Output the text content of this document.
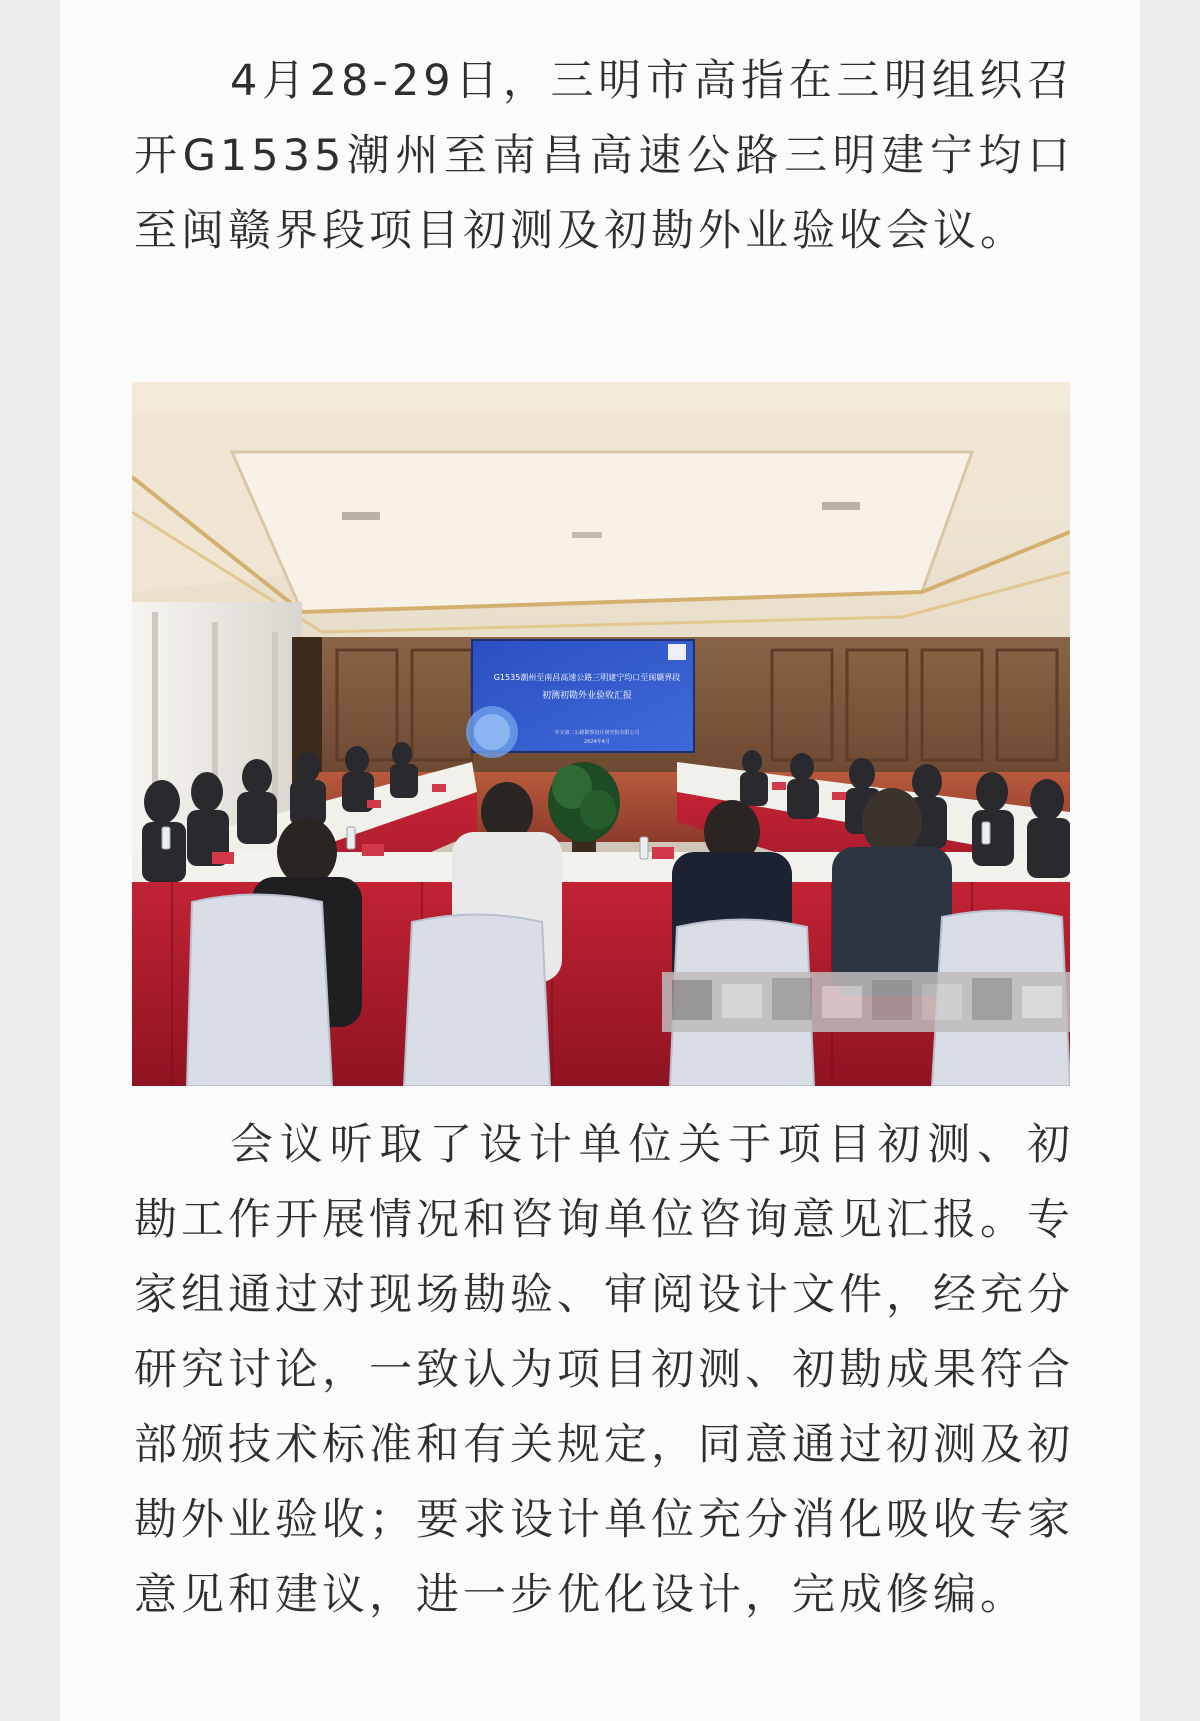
4月28-29日，三明市高指在三明组织召开G1535潮州至南昌高速公路三明建宁均口至闽赣界段项目初测及初勘外业验收会议。

G1535潮州至南昌高速公路三明建宁均口至闽赣界段
初测初勘外业验收汇报
中交第二公路勘察设计研究院有限公司
2024年4月

会议听取了设计单位关于项目初测、初勘工作开展情况和咨询单位咨询意见汇报。专家组通过对现场勘验、审阅设计文件，经充分研究讨论，一致认为项目初测、初勘成果符合部颁技术标准和有关规定，同意通过初测及初勘外业验收；要求设计单位充分消化吸收专家意见和建议，进一步优化设计，完成修编。
